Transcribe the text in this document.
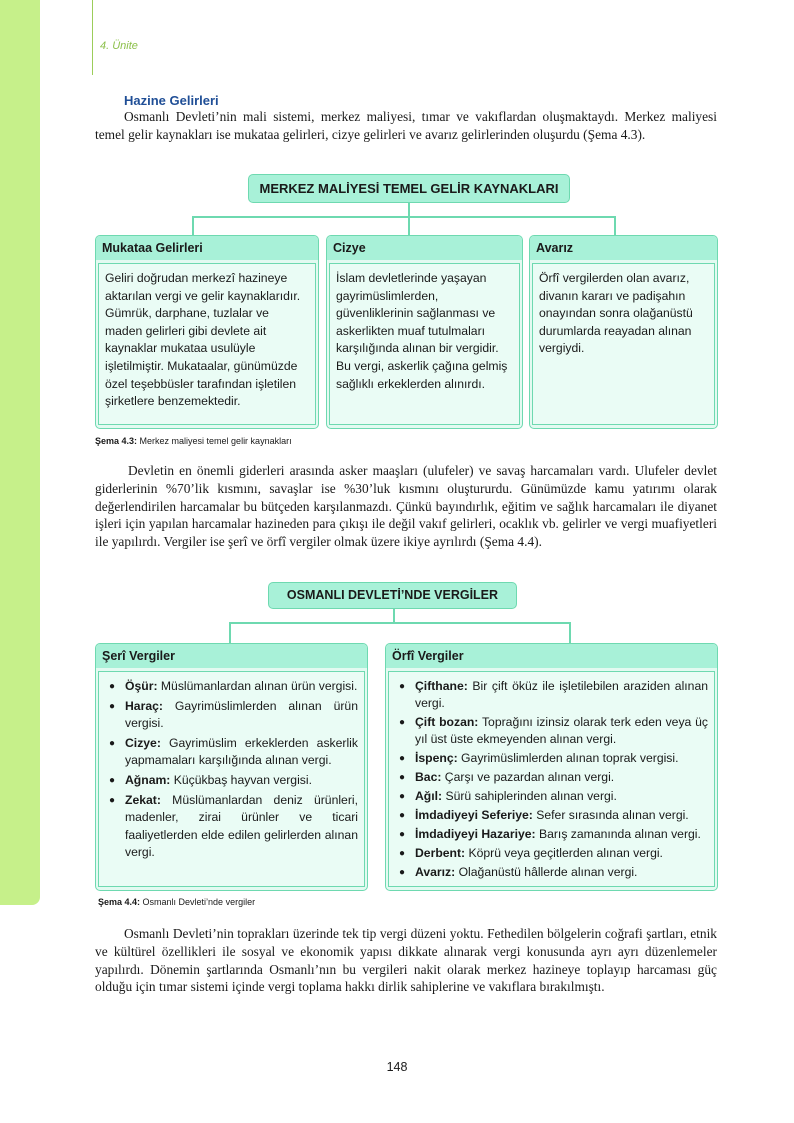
4. Ünite
Hazine Gelirleri

Osmanlı Devleti’nin mali sistemi, merkez maliyesi, tımar ve vakıflardan oluşmaktaydı. Merkez maliyesi temel gelir kaynakları ise mukataa gelirleri, cizye gelirleri ve avarız gelirlerinden oluşurdu (Şema 4.3).

MERKEZ MALİYESİ TEMEL GELİR KAYNAKLARI
Mukataa Gelirleri
Geliri doğrudan merkezî hazineye aktarılan vergi ve gelir kaynaklarıdır. Gümrük, darphane, tuzlalar ve maden gelirleri gibi devlete ait kaynaklar mukataa usulüyle işletilmiştir. Mukataalar, günümüzde özel teşebbüsler tarafından işletilen şirketlere benzemektedir.
Cizye
İslam devletlerinde yaşayan gayrimüslimlerden, güvenliklerinin sağlanması ve askerlikten muaf tutulmaları karşılığında alınan bir vergidir. Bu vergi, askerlik çağına gelmiş sağlıklı erkeklerden alınırdı.
Avarız
Örfî vergilerden olan avarız, divanın kararı ve padişahın onayından sonra olağanüstü durumlarda reayadan alınan vergiydi.
Şema 4.3: Merkez maliyesi temel gelir kaynakları

Devletin en önemli giderleri arasında asker maaşları (ulufeler) ve savaş harcamaları vardı. Ulufeler devlet giderlerinin %70’lik kısmını, savaşlar ise %30’luk kısmını oluştururdu. Günümüzde kamu yatırımı olarak değerlendirilen harcamalar bu bütçeden karşılanmazdı. Çünkü bayındırlık, eğitim ve sağlık harcamaları ile diyanet işleri için yapılan harcamalar hazineden para çıkışı ile değil vakıf gelirleri, ocaklık vb. gelirler ve vergi muafiyetleri ile yapılırdı. Vergiler ise şerî ve örfî vergiler olmak üzere ikiye ayrılırdı (Şema 4.4).

OSMANLI DEVLETİ’NDE VERGİLER
Şerî Vergiler
● Öşür: Müslümanlardan alınan ürün vergisi.
● Haraç: Gayrimüslimlerden alınan ürün vergisi.
● Cizye: Gayrimüslim erkeklerden askerlik yapmamaları karşılığında alınan vergi.
● Ağnam: Küçükbaş hayvan vergisi.
● Zekat: Müslümanlardan deniz ürünleri, madenler, zirai ürünler ve ticari faaliyetlerden elde edilen gelirlerden alınan vergi.
Örfî Vergiler
● Çifthane: Bir çift öküz ile işletilebilen araziden alınan vergi.
● Çift bozan: Toprağını izinsiz olarak terk eden veya üç yıl üst üste ekmeyenden alınan vergi.
● İspenç: Gayrimüslimlerden alınan toprak vergisi.
● Bac: Çarşı ve pazardan alınan vergi.
● Ağıl: Sürü sahiplerinden alınan vergi.
● İmdadiyeyi Seferiye: Sefer sırasında alınan vergi.
● İmdadiyeyi Hazariye: Barış zamanında alınan vergi.
● Derbent: Köprü veya geçitlerden alınan vergi.
● Avarız: Olağanüstü hâllerde alınan vergi.
Şema 4.4: Osmanlı Devleti’nde vergiler

Osmanlı Devleti’nin toprakları üzerinde tek tip vergi düzeni yoktu. Fethedilen bölgelerin coğrafi şartları, etnik ve kültürel özellikleri ile sosyal ve ekonomik yapısı dikkate alınarak vergi konusunda ayrı ayrı düzenlemeler yapılırdı. Dönemin şartlarında Osmanlı’nın bu vergileri nakit olarak merkez hazineye toplayıp harcaması güç olduğu için tımar sistemi içinde vergi toplama hakkı dirlik sahiplerine ve vakıflara bırakılmıştı.

148
